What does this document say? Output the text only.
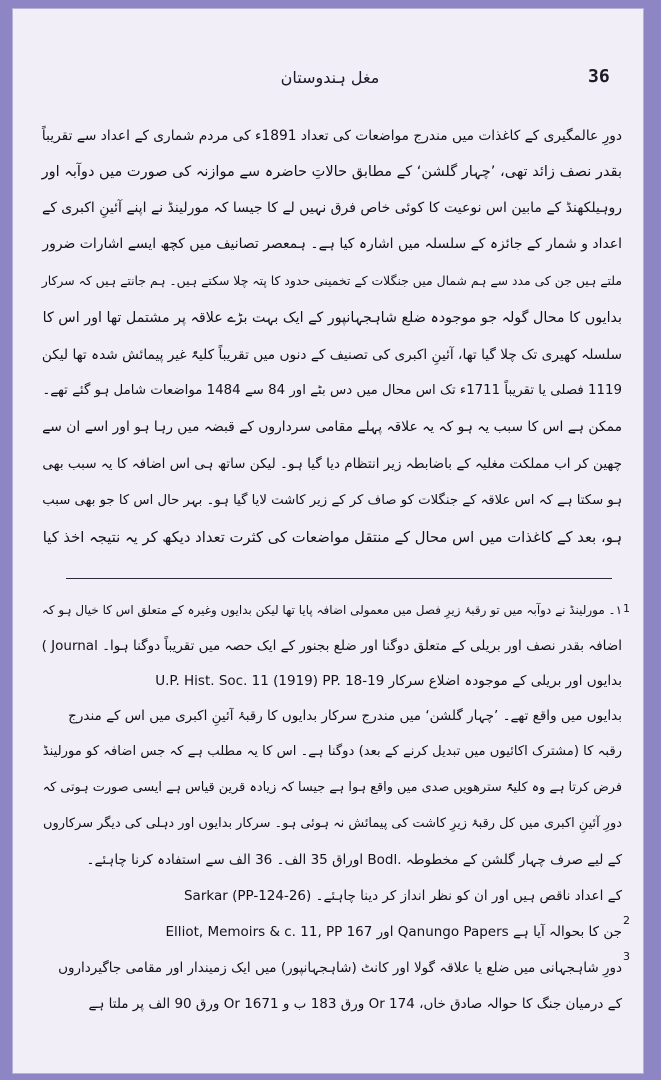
مغل ہندوستان	36
دورِ عالمگیری کے کاغذات میں مندرج مواضعات کی تعداد 1891ء کی مردم شماری کے اعداد سے تقریباً
بقدر نصف زائد تھی، ’چہار گلشن‘ کے مطابق حالاتِ حاضرہ سے موازنہ کی صورت میں دوآبہ اور
روہیلکھنڈ کے مابین اس نوعیت کا کوئی خاص فرق نہیں لے کا جیسا کہ مورلینڈ نے اپنے آئینِ اکبری کے
اعداد و شمار کے جائزہ کے سلسلہ میں اشارہ کیا ہے۔ ہمعصر تصانیف میں کچھ ایسے اشارات ضرور
ملتے ہیں جن کی مدد سے ہم شمال میں جنگلات کے تخمینی حدود کا پتہ چلا سکتے ہیں۔ ہم جانتے ہیں کہ سرکار
بدایوں کا محال گولہ جو موجودہ ضلع شاہجہانپور کے ایک بہت بڑے علاقہ پر مشتمل تھا اور اس کا
سلسلہ کھیری تک چلا گیا تھا، آئینِ اکبری کی تصنیف کے دنوں میں تقریباً کلیۃً غیر پیمائش شدہ تھا لیکن
1119 فصلی یا تقریباً 1711ء تک اس محال میں دس بٹے اور 84 سے 1484 مواضعات شامل ہو گئے تھے۔
ممکن ہے اس کا سبب یہ ہو کہ یہ علاقہ پہلے مقامی سرداروں کے قبضہ میں رہا ہو اور اسے ان سے
چھین کر اب مملکت مغلیہ کے باضابطہ زیر انتظام دیا گیا ہو۔ لیکن ساتھ ہی اس اضافہ کا یہ سبب بھی
ہو سکتا ہے کہ اس علاقہ کے جنگلات کو صاف کر کے زیر کاشت لایا گیا ہو۔ بہر حال اس کا جو بھی سبب
ہو، بعد کے کاغذات میں اس محال کے منتقل مواضعات کی کثرت تعداد دیکھ کر یہ نتیجہ اخذ کیا
1
۱۔ مورلینڈ نے دوآبہ میں تو رقبۂ زیرِ فصل میں معمولی اضافہ پایا تھا لیکن بدایوں وغیرہ کے متعلق اس کا خیال ہو کہ
اضافہ بقدر نصف اور بریلی کے متعلق دوگنا اور ضلع بجنور کے ایک حصہ میں تقریباً دوگنا ہوا۔ Journal )
U.P. Hist. Soc. 11 (1919) PP. 18-19 بدایوں اور بریلی کے موجودہ اضلاع سرکار
بدایوں میں واقع تھے۔ ’چہار گلشن‘ میں مندرج سرکار بدایوں کا رقبۂ آئینِ اکبری میں اس کے مندرج
رقبہ کا (مشترک اکائیوں میں تبدیل کرنے کے بعد) دوگنا ہے۔ اس کا یہ مطلب ہے کہ جس اضافہ کو مورلینڈ
فرض کرتا ہے وہ کلیۃً سترھویں صدی میں واقع ہوا ہے جیسا کہ زیادہ قرین قیاس ہے ایسی صورت ہوتی کہ
دورِ آئینِ اکبری میں کل رقبۂ زیرِ کاشت کی پیمائش نہ ہوئی ہو۔ سرکار بدایوں اور دہلی کی دیگر سرکاروں
کے لیے صرف چہار گلشن کے مخطوطہ .Bodl اوراق 35 الف۔ 36 الف سے استفادہ کرنا چاہئے۔
Sarkar (PP-124-26) کے اعداد ناقص ہیں اور ان کو نظر انداز کر دینا چاہئے۔
2
Elliot, Memoirs & c. 11, PP 167 اور Qanungo Papers جن کا بحوالہ آیا ہے
3
دورِ شاہجہانی میں ضلع یا علاقہ گولا اور کانٹ (شاہجہانپور) میں ایک زمیندار اور مقامی جاگیرداروں
کے درمیان جنگ کا حوالہ صادق خاں، Or 174 ورق 183 ب و Or 1671 ورق 90 الف پر ملتا ہے
